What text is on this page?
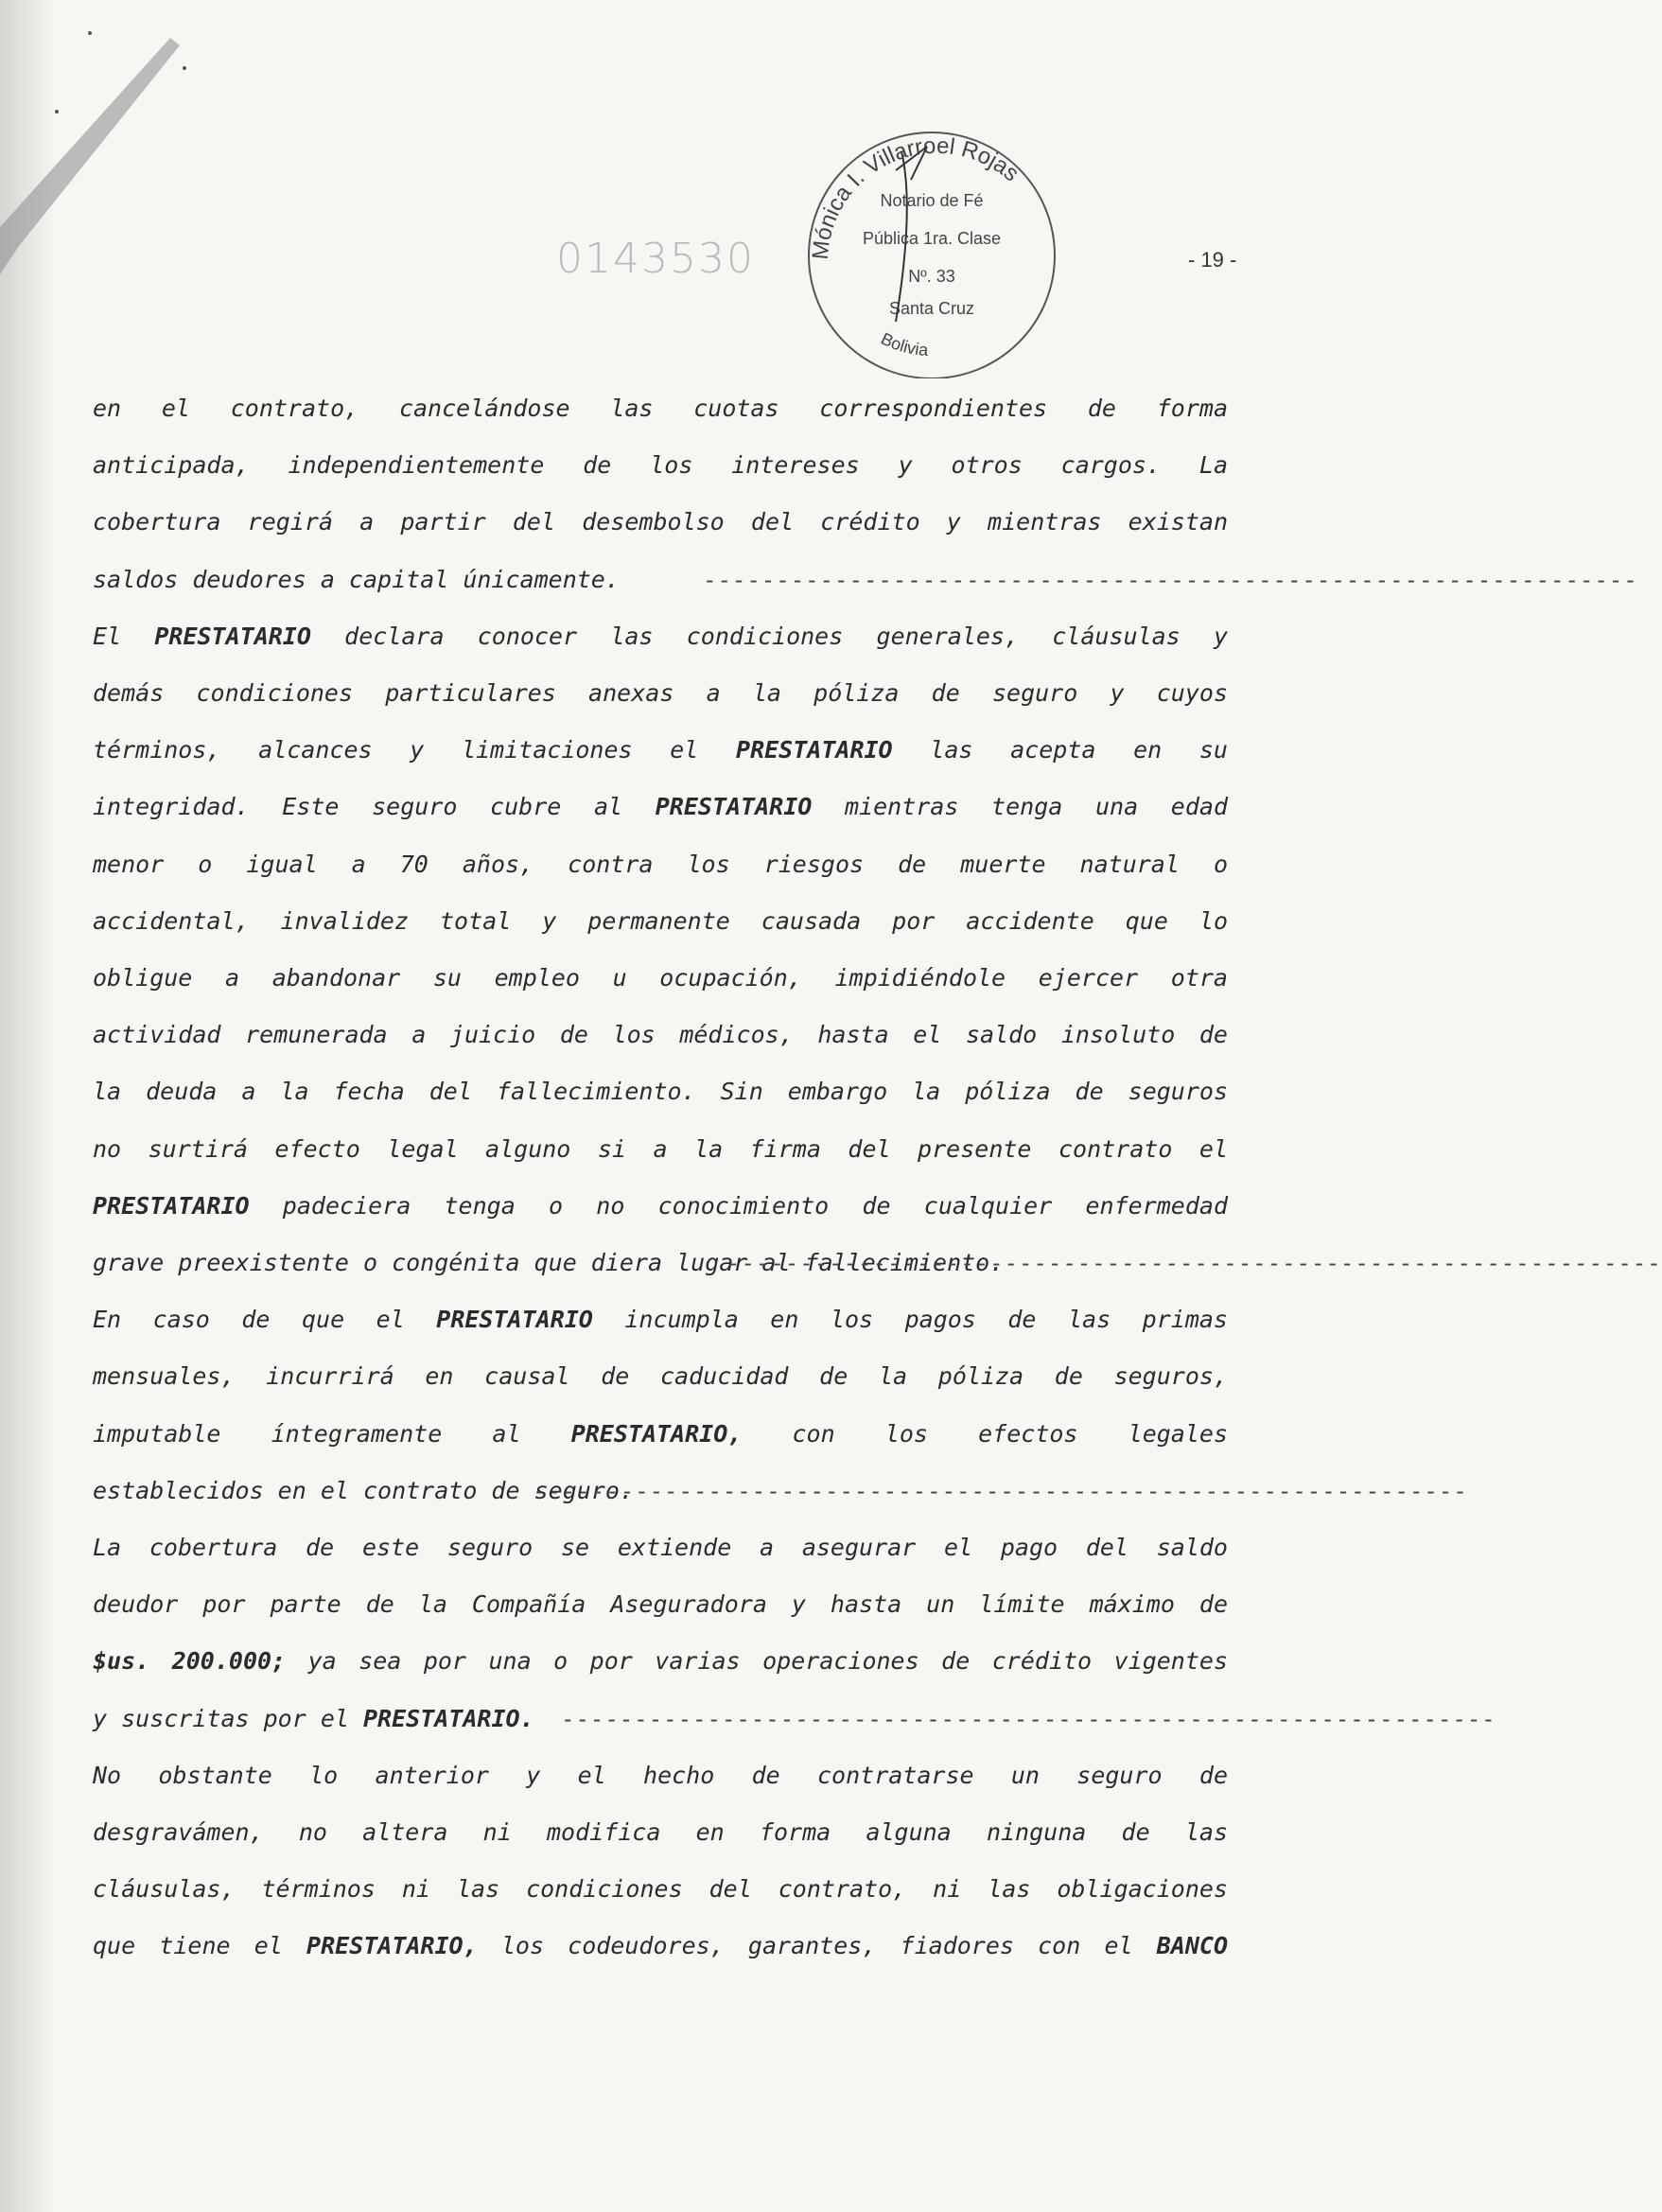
0143530	- 19 -
Mónica I. Villarroel Rojas
Notario de Fé
Pública 1ra. Clase
Nº. 33
Santa Cruz
Bolivia
en el contrato, cancelándose las cuotas correspondientes de forma
anticipada, independientemente de los intereses y otros cargos. La
cobertura regirá a partir del desembolso del crédito y mientras existan
saldos deudores a capital únicamente.	----------------------------------------------------------------
El PRESTATARIO declara conocer las condiciones generales, cláusulas y
demás condiciones particulares anexas a la póliza de seguro y cuyos
términos, alcances y limitaciones el PRESTATARIO las acepta en su
integridad. Este seguro cubre al PRESTATARIO mientras tenga una edad
menor o igual a 70 años, contra los riesgos de muerte natural o
accidental, invalidez total y permanente causada por accidente que lo
obligue a abandonar su empleo u ocupación, impidiéndole ejercer otra
actividad remunerada a juicio de los médicos, hasta el saldo insoluto de
la deuda a la fecha del fallecimiento. Sin embargo la póliza de seguros
no surtirá efecto legal alguno si a la firma del presente contrato el
PRESTATARIO padeciera tenga o no conocimiento de cualquier enfermedad
grave preexistente o congénita que diera lugar al fallecimiento.
----------------------------------------------------------------
En caso de que el PRESTATARIO incumpla en los pagos de las primas
mensuales, incurrirá en causal de caducidad de la póliza de seguros,
imputable íntegramente al PRESTATARIO, con los efectos legales
establecidos en el contrato de seguro.
----------------------------------------------------------------
La cobertura de este seguro se extiende a asegurar el pago del saldo
deudor por parte de la Compañía Aseguradora y hasta un límite máximo de
$us. 200.000; ya sea por una o por varias operaciones de crédito vigentes
y suscritas por el PRESTATARIO.	----------------------------------------------------------------
No obstante lo anterior y el hecho de contratarse un seguro de
desgravámen, no altera ni modifica en forma alguna ninguna de las
cláusulas, términos ni las condiciones del contrato, ni las obligaciones
que tiene el PRESTATARIO, los codeudores, garantes, fiadores con el BANCO
